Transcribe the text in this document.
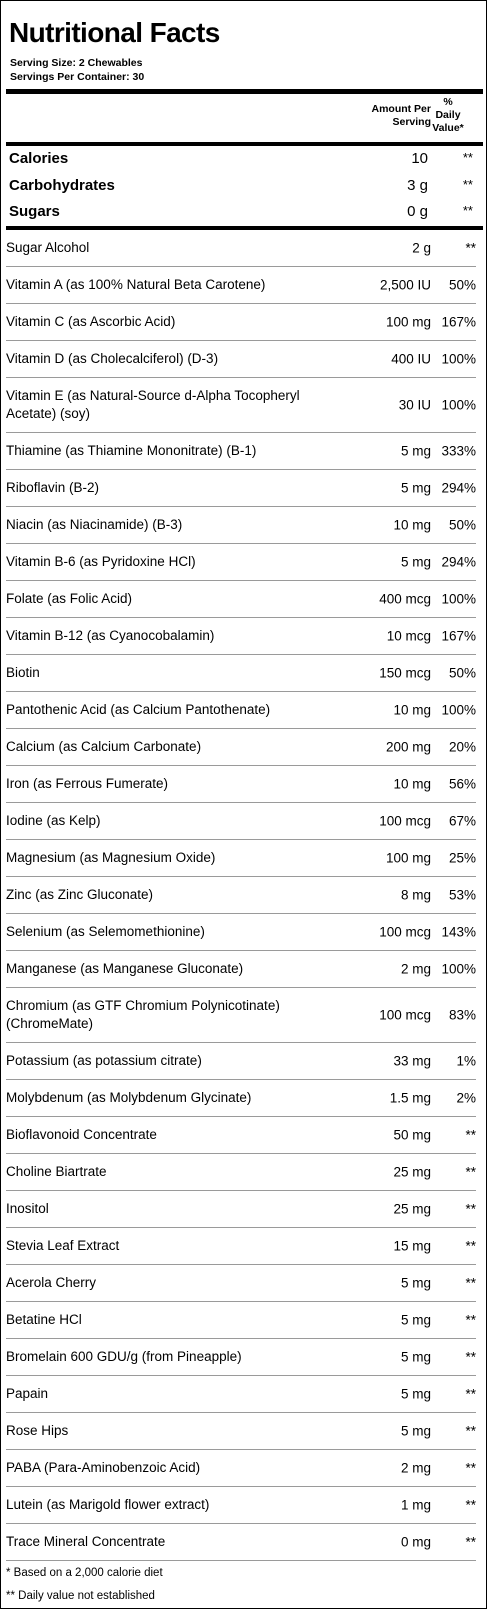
Nutritional Facts
Serving Size: 2 Chewables
Servings Per Container: 30
Amount Per
Serving
%
Daily
Value*
Calories	10	**
Carbohydrates	3 g	**
Sugars	0 g	**
Sugar Alcohol	2 g	**
Vitamin A (as 100% Natural Beta Carotene)	2,500 IU 50%
Vitamin C (as Ascorbic Acid)	100 mg 167%
Vitamin D (as Cholecalciferol) (D-3)	400 IU 100%
Vitamin E (as Natural-Source d-Alpha Tocopheryl Acetate) (soy)
30 IU 100%
Thiamine (as Thiamine Mononitrate) (B-1)	5 mg 333%
Riboflavin (B-2)	5 mg 294%
Niacin (as Niacinamide) (B-3)	10 mg 50%
Vitamin B-6 (as Pyridoxine HCl)	5 mg 294%
Folate (as Folic Acid)	400 mcg 100%
Vitamin B-12 (as Cyanocobalamin)	10 mcg 167%
Biotin	150 mcg 50%
Pantothenic Acid (as Calcium Pantothenate)	10 mg 100%
Calcium (as Calcium Carbonate)	200 mg 20%
Iron (as Ferrous Fumerate)	10 mg 56%
Iodine (as Kelp)	100 mcg 67%
Magnesium (as Magnesium Oxide)	100 mg 25%
Zinc (as Zinc Gluconate)	8 mg 53%
Selenium (as Selemomethionine)	100 mcg 143%
Manganese (as Manganese Gluconate)	2 mg 100%
Chromium (as GTF Chromium Polynicotinate) (ChromeMate)
100 mcg 83%
Potassium (as potassium citrate)	33 mg 1%
Molybdenum (as Molybdenum Glycinate)	1.5 mg 2%
Bioflavonoid Concentrate	50 mg	**
Choline Biartrate	25 mg	**
Inositol	25 mg	**
Stevia Leaf Extract	15 mg	**
Acerola Cherry	5 mg	**
Betatine HCl	5 mg	**
Bromelain 600 GDU/g (from Pineapple)	5 mg	**
Papain	5 mg	**
Rose Hips	5 mg	**
PABA (Para-Aminobenzoic Acid)	2 mg	**
Lutein (as Marigold flower extract)	1 mg	**
Trace Mineral Concentrate	0 mg	**
* Based on a 2,000 calorie diet
** Daily value not established
